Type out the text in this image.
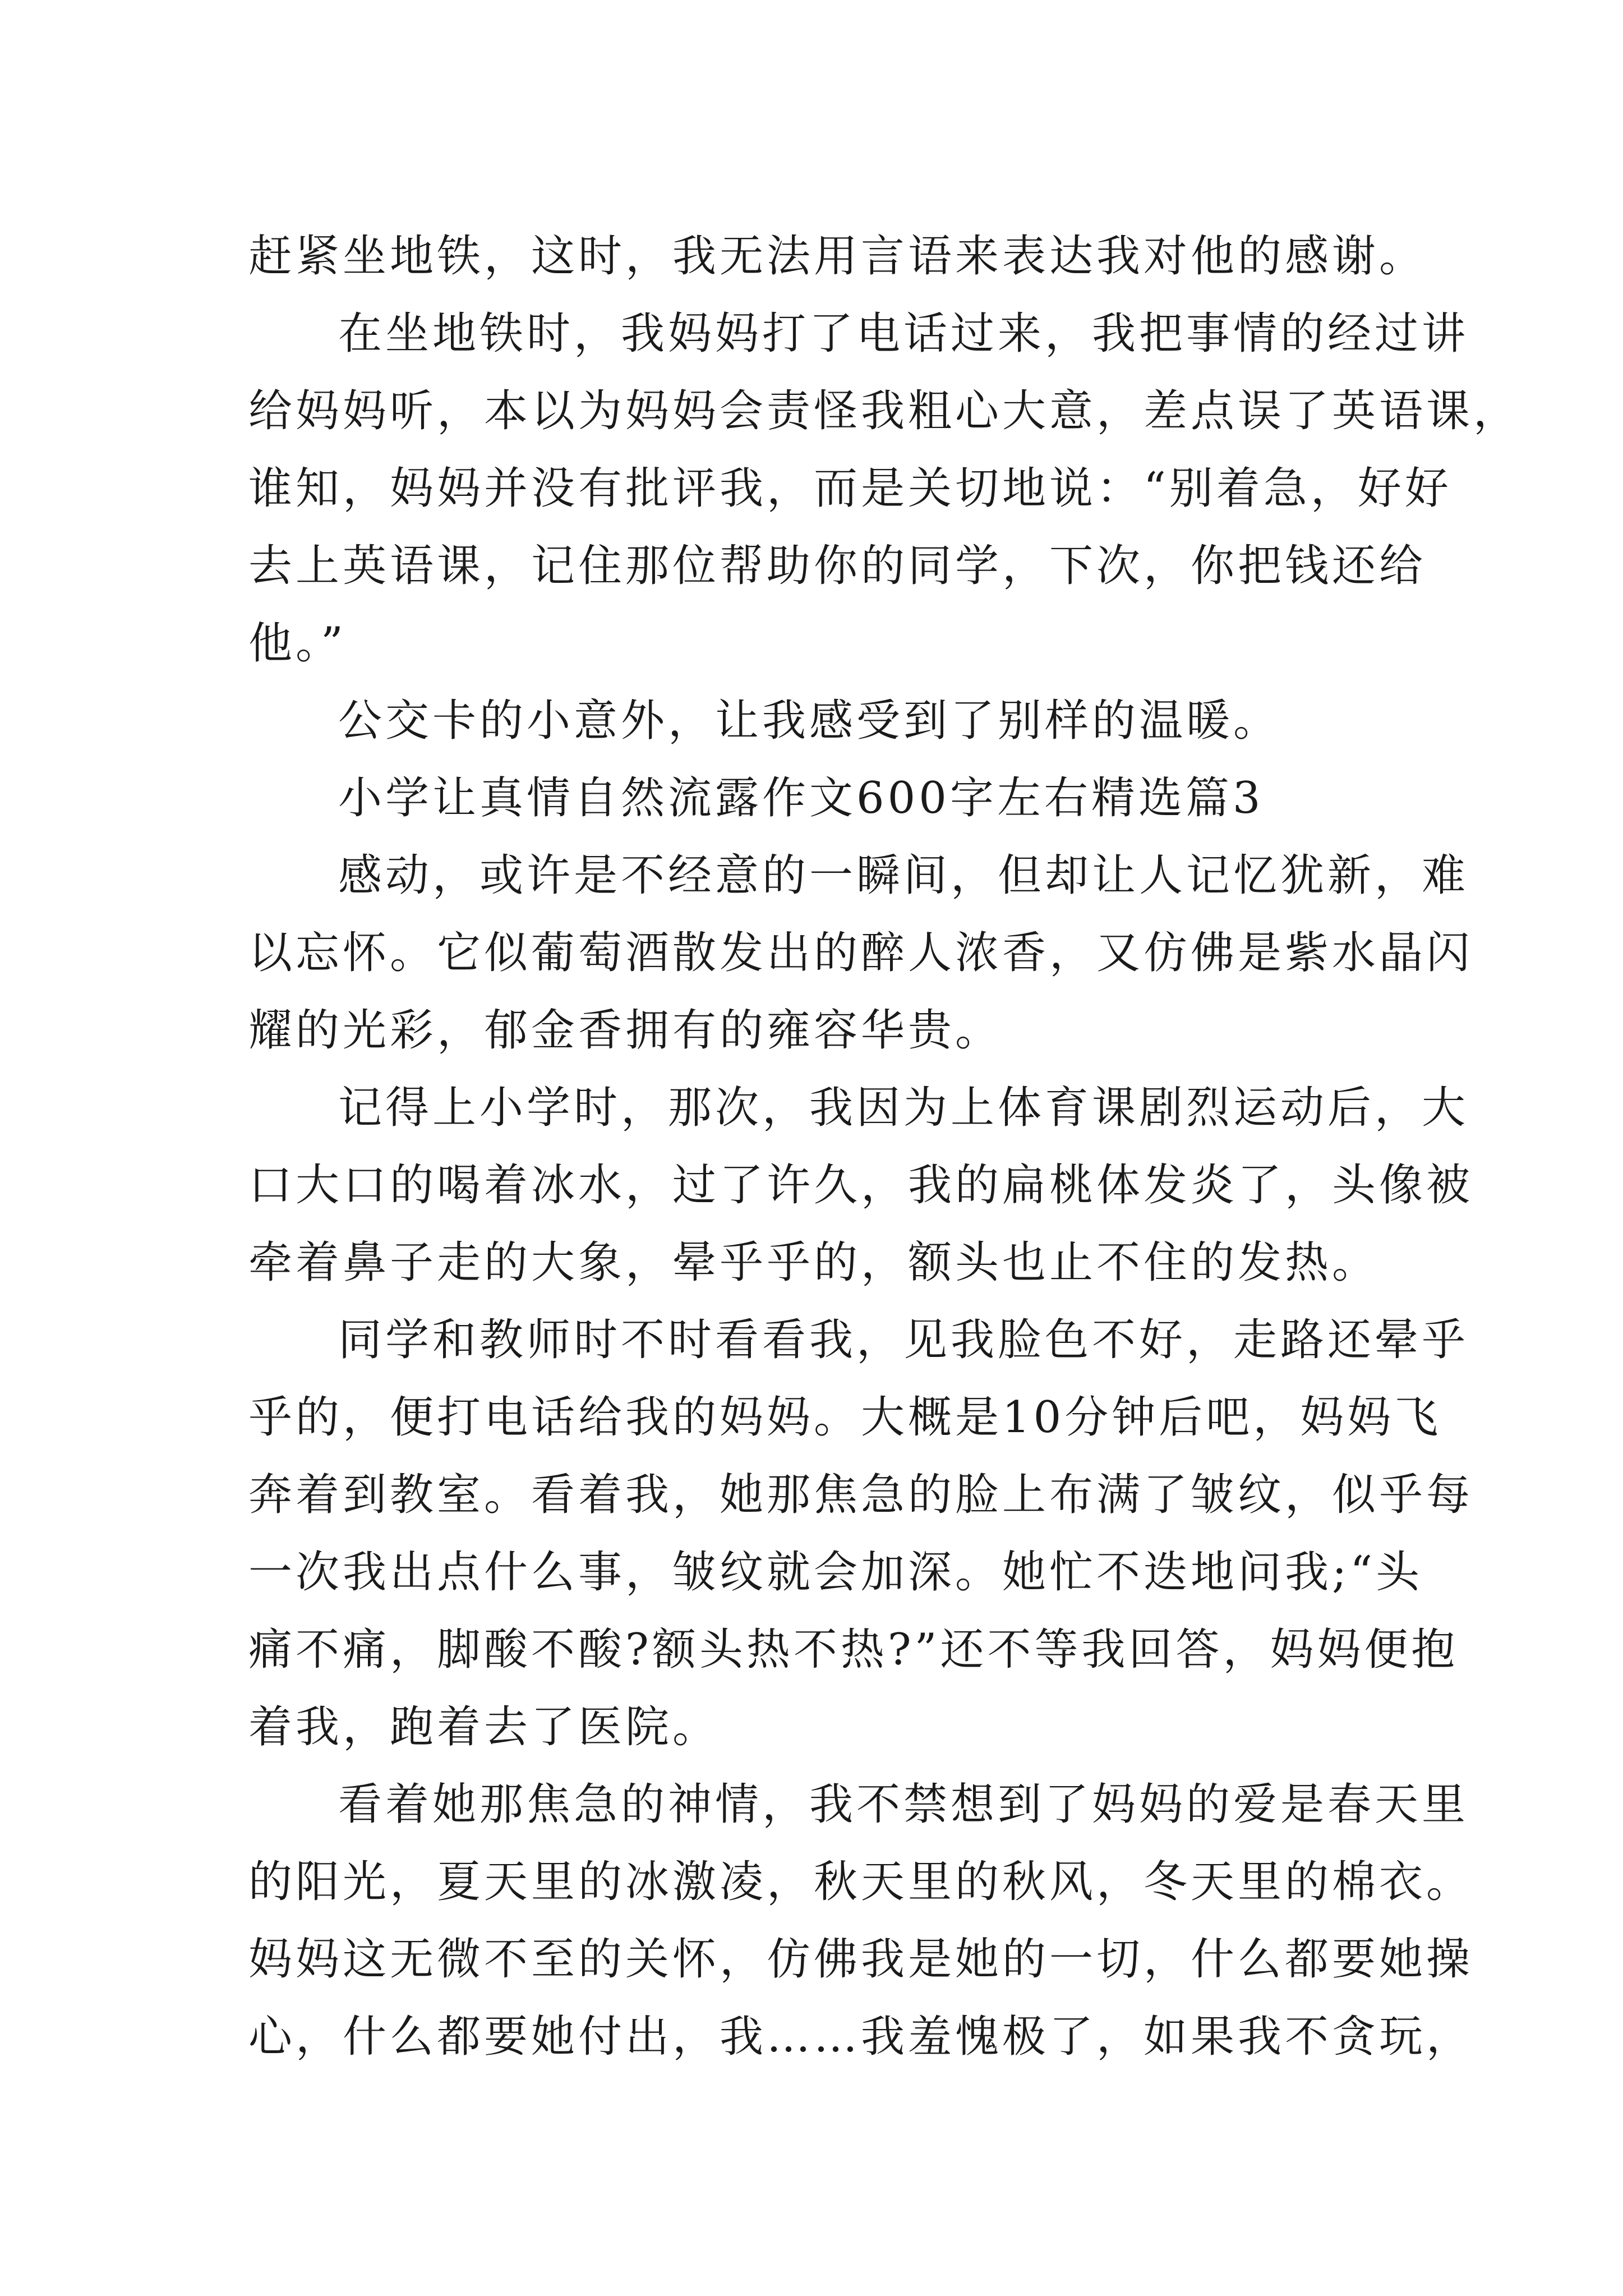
赶紧坐地铁，这时，我无法用言语来表达我对他的感谢。
在坐地铁时，我妈妈打了电话过来，我把事情的经过讲
给妈妈听，本以为妈妈会责怪我粗心大意，差点误了英语课，
谁知，妈妈并没有批评我，而是关切地说：“别着急，好好
去上英语课，记住那位帮助你的同学，下次，你把钱还给
他。”
公交卡的小意外，让我感受到了别样的温暖。
小学让真情自然流露作文600字左右精选篇3
感动，或许是不经意的一瞬间，但却让人记忆犹新，难
以忘怀。它似葡萄酒散发出的醉人浓香，又仿佛是紫水晶闪
耀的光彩，郁金香拥有的雍容华贵。
记得上小学时，那次，我因为上体育课剧烈运动后，大
口大口的喝着冰水，过了许久，我的扁桃体发炎了，头像被
牵着鼻子走的大象，晕乎乎的，额头也止不住的发热。
同学和教师时不时看看我，见我脸色不好，走路还晕乎
乎的，便打电话给我的妈妈。大概是10分钟后吧，妈妈飞
奔着到教室。看着我，她那焦急的脸上布满了皱纹，似乎每
一次我出点什么事，皱纹就会加深。她忙不迭地问我;“头
痛不痛，脚酸不酸?额头热不热?”还不等我回答，妈妈便抱
着我，跑着去了医院。
看着她那焦急的神情，我不禁想到了妈妈的爱是春天里
的阳光，夏天里的冰激凌，秋天里的秋风，冬天里的棉衣。
妈妈这无微不至的关怀，仿佛我是她的一切，什么都要她操
心，什么都要她付出，我……我羞愧极了，如果我不贪玩，
